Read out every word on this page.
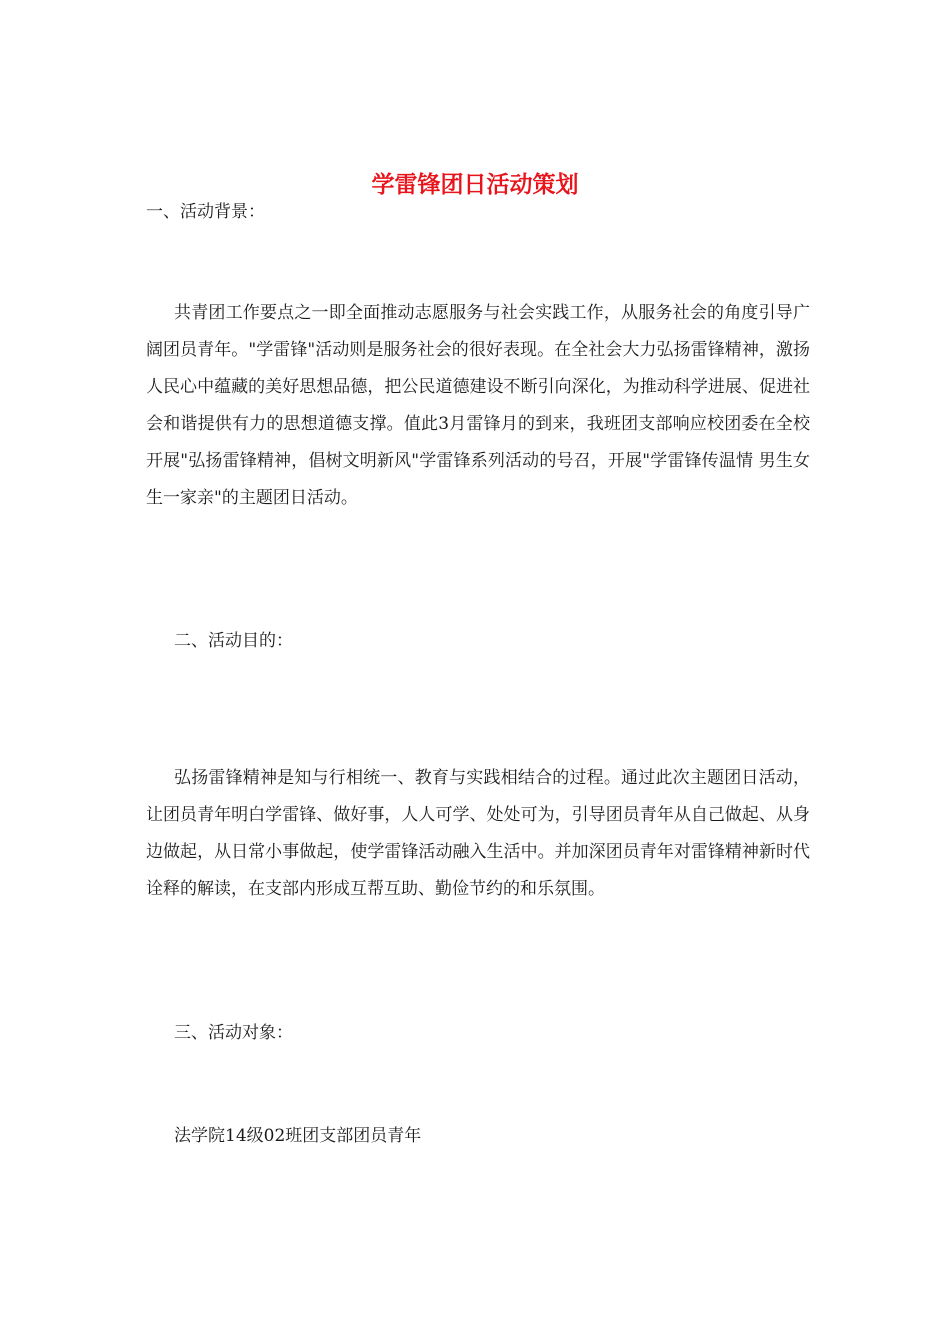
学雷锋团日活动策划

一、活动背景：

共青团工作要点之一即全面推动志愿服务与社会实践工作，从服务社会的角度引导广阔团员青年。"学雷锋"活动则是服务社会的很好表现。在全社会大力弘扬雷锋精神，激扬人民心中蕴藏的美好思想品德，把公民道德建设不断引向深化，为推动科学进展、促进社会和谐提供有力的思想道德支撑。值此3月雷锋月的到来，我班团支部响应校团委在全校开展"弘扬雷锋精神，倡树文明新风"学雷锋系列活动的号召，开展"学雷锋传温情 男生女生一家亲"的主题团日活动。

二、活动目的：

弘扬雷锋精神是知与行相统一、教育与实践相结合的过程。通过此次主题团日活动，让团员青年明白学雷锋、做好事，人人可学、处处可为，引导团员青年从自己做起、从身边做起，从日常小事做起，使学雷锋活动融入生活中。并加深团员青年对雷锋精神新时代诠释的解读，在支部内形成互帮互助、勤俭节约的和乐氛围。

三、活动对象：

法学院14级02班团支部团员青年
